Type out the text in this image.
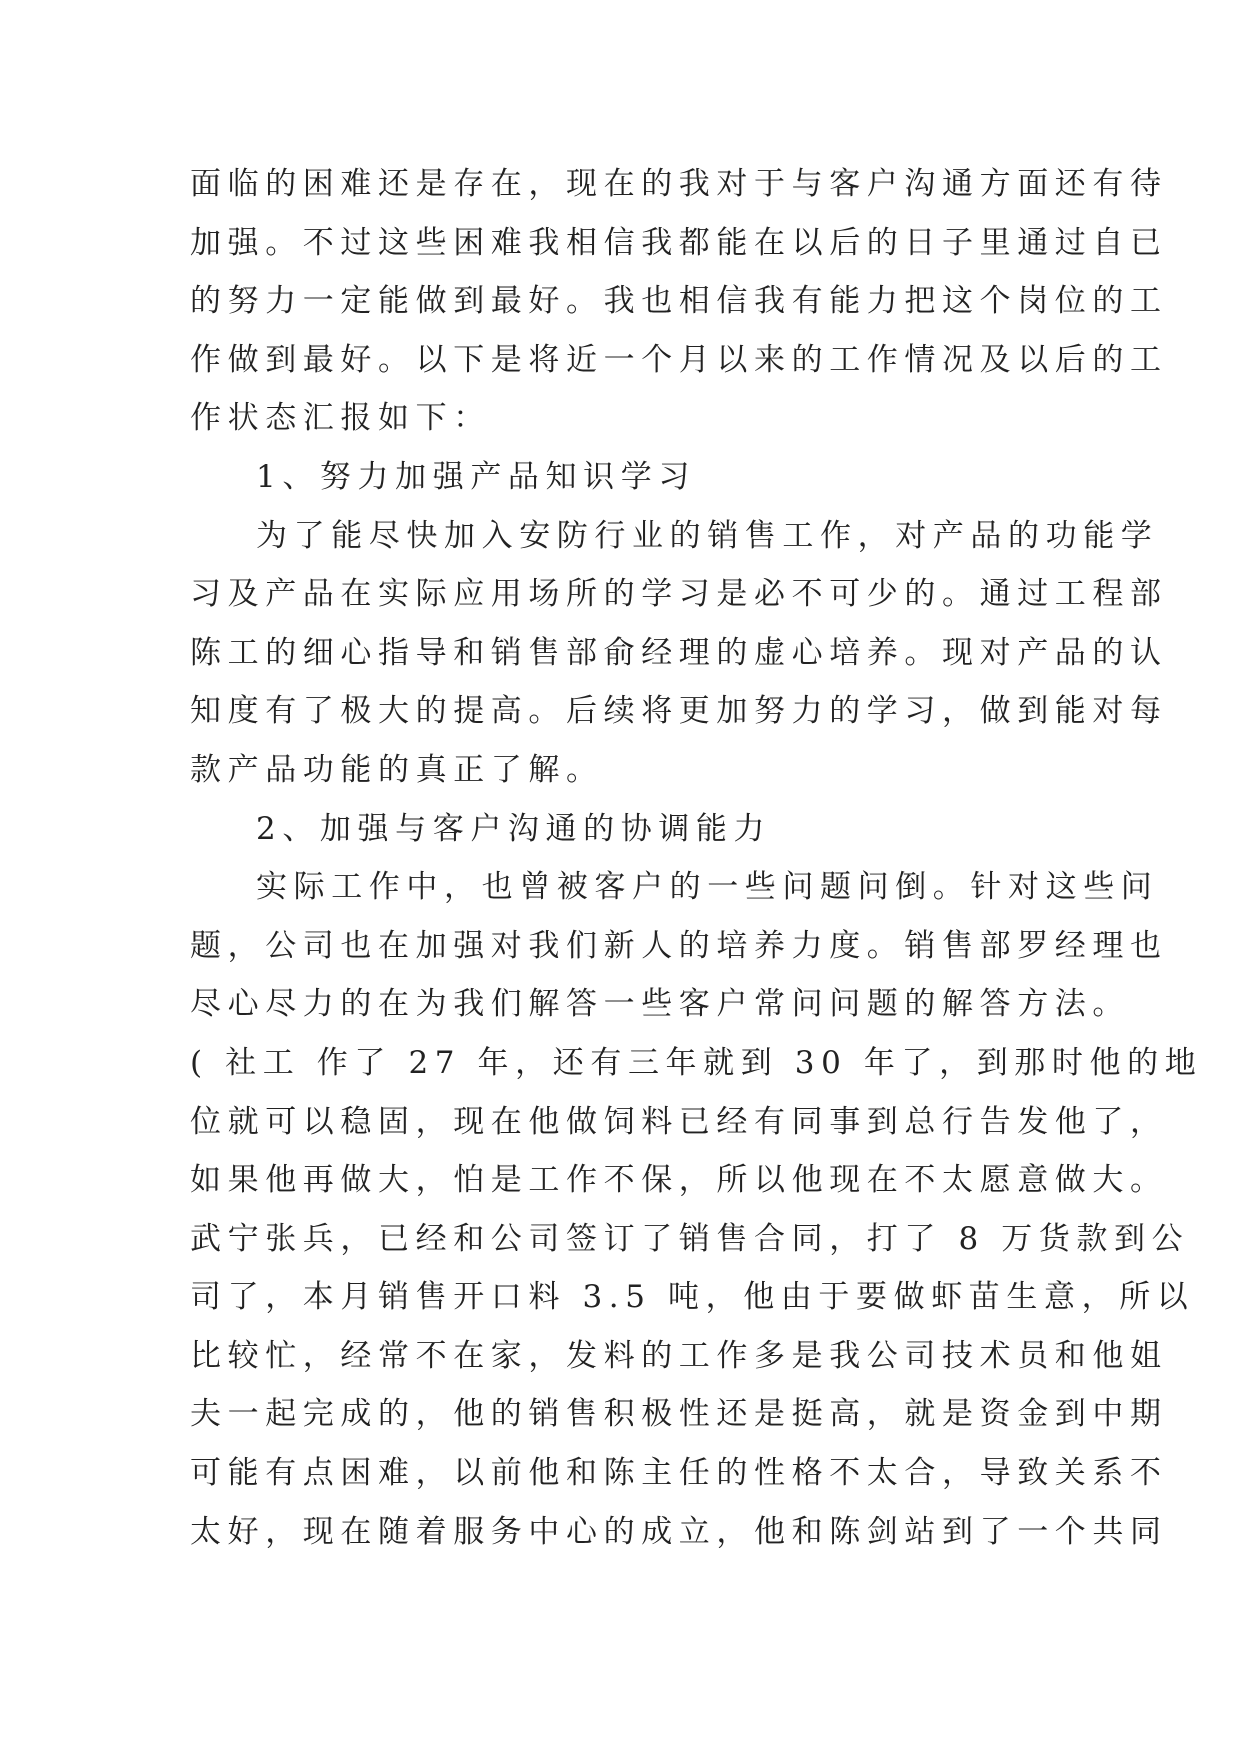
面临的困难还是存在，现在的我对于与客户沟通方面还有待
加强。不过这些困难我相信我都能在以后的日子里通过自已
的努力一定能做到最好。我也相信我有能力把这个岗位的工
作做到最好。以下是将近一个月以来的工作情况及以后的工
作状态汇报如下：
1、努力加强产品知识学习
为了能尽快加入安防行业的销售工作，对产品的功能学
习及产品在实际应用场所的学习是必不可少的。通过工程部
陈工的细心指导和销售部俞经理的虚心培养。现对产品的认
知度有了极大的提高。后续将更加努力的学习，做到能对每
款产品功能的真正了解。
2、加强与客户沟通的协调能力
实际工作中，也曾被客户的一些问题问倒。针对这些问
题，公司也在加强对我们新人的培养力度。销售部罗经理也
尽心尽力的在为我们解答一些客户常问问题的解答方法。
( 社工 作了 27 年，还有三年就到 30 年了，到那时他的地
位就可以稳固，现在他做饲料已经有同事到总行告发他了，
如果他再做大，怕是工作不保，所以他现在不太愿意做大。
武宁张兵，已经和公司签订了销售合同，打了 8 万货款到公
司了，本月销售开口料 3.5 吨，他由于要做虾苗生意，所以
比较忙，经常不在家，发料的工作多是我公司技术员和他姐
夫一起完成的，他的销售积极性还是挺高，就是资金到中期
可能有点困难，以前他和陈主任的性格不太合，导致关系不
太好，现在随着服务中心的成立，他和陈剑站到了一个共同
